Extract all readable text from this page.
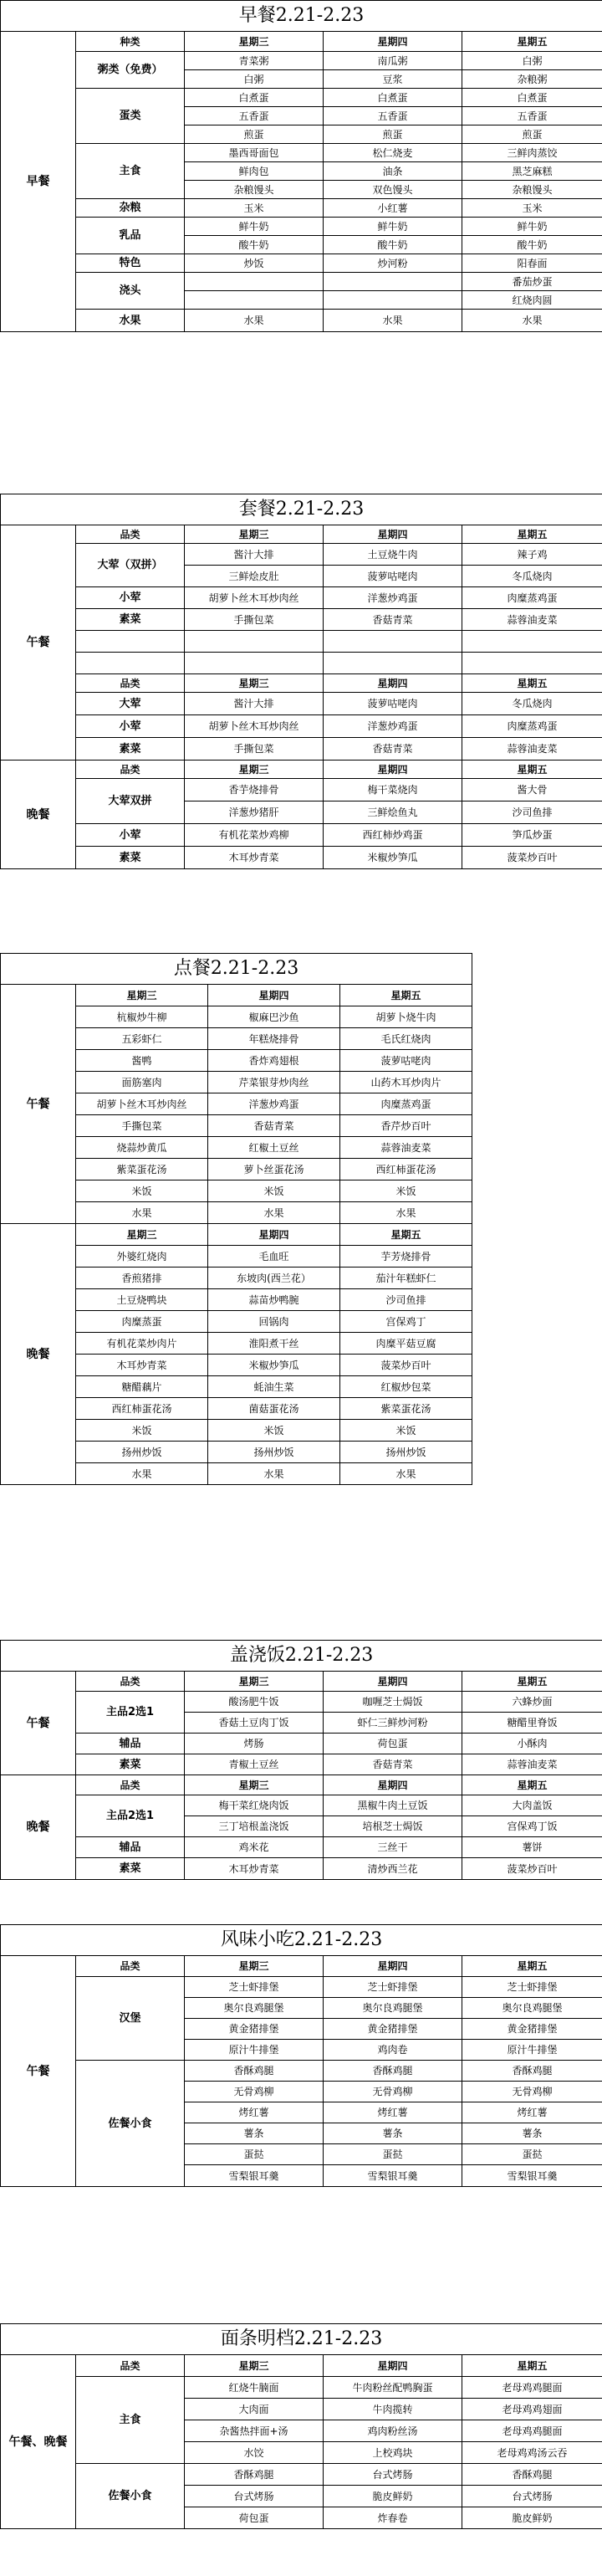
早餐2.21-2.23				
早餐	种类	星期三	星期四	星期五
	粥类（免费）	青菜粥	南瓜粥	白粥
		白粥	豆浆	杂粮粥
	蛋类	白煮蛋	白煮蛋	白煮蛋
		五香蛋	五香蛋	五香蛋
		煎蛋	煎蛋	煎蛋
	主食	墨西哥面包	松仁烧麦	三鲜肉蒸饺
		鲜肉包	油条	黑芝麻糕
		杂粮馒头	双色馒头	杂粮馒头
	杂粮	玉米	小红薯	玉米
	乳品	鲜牛奶	鲜牛奶	鲜牛奶
		酸牛奶	酸牛奶	酸牛奶
	特色	炒饭	炒河粉	阳春面
	浇头			番茄炒蛋
				红烧肉圆
	水果	水果	水果	水果
套餐2.21-2.23				
午餐	品类	星期三	星期四	星期五
	大荤（双拼）	酱汁大排	土豆烧牛肉	辣子鸡
		三鲜烩皮肚	菠萝咕咾肉	冬瓜烧肉
	小荤	胡萝卜丝木耳炒肉丝	洋葱炒鸡蛋	肉糜蒸鸡蛋
	素菜	手撕包菜	香菇青菜	蒜蓉油麦菜

	品类	星期三	星期四	星期五
	大荤	酱汁大排	菠萝咕咾肉	冬瓜烧肉
	小荤	胡萝卜丝木耳炒肉丝	洋葱炒鸡蛋	肉糜蒸鸡蛋
	素菜	手撕包菜	香菇青菜	蒜蓉油麦菜
晚餐	品类	星期三	星期四	星期五
	大荤双拼	香芋烧排骨	梅干菜烧肉	酱大骨
		洋葱炒猪肝	三鲜烩鱼丸	沙司鱼排
	小荤	有机花菜炒鸡柳	西红柿炒鸡蛋	笋瓜炒蛋
	素菜	木耳炒青菜	米椒炒笋瓜	菠菜炒百叶
点餐2.21-2.23			
午餐	星期三	星期四	星期五
	杭椒炒牛柳	椒麻巴沙鱼	胡萝卜烧牛肉
	五彩虾仁	年糕烧排骨	毛氏红烧肉
	酱鸭	香炸鸡翅根	菠萝咕咾肉
	面筋塞肉	芹菜银芽炒肉丝	山药木耳炒肉片
	胡萝卜丝木耳炒肉丝	洋葱炒鸡蛋	肉糜蒸鸡蛋
	手撕包菜	香菇青菜	香芹炒百叶
	烧蒜炒黄瓜	红椒土豆丝	蒜蓉油麦菜
	紫菜蛋花汤	萝卜丝蛋花汤	西红柿蛋花汤
	米饭	米饭	米饭
	水果	水果	水果
晚餐	星期三	星期四	星期五
	外婆红烧肉	毛血旺	芋芳烧排骨
	香煎猪排	东坡肉(西兰花）	茄汁年糕虾仁
	土豆烧鸭块	蒜苗炒鸭腕	沙司鱼排
	肉糜蒸蛋	回锅肉	宫保鸡丁
	有机花菜炒肉片	淮阳煮干丝	肉糜平菇豆腐
	木耳炒青菜	米椒炒笋瓜	菠菜炒百叶
	糖醋藕片	蚝油生菜	红椒炒包菜
	西红柿蛋花汤	菌菇蛋花汤	紫菜蛋花汤
	米饭	米饭	米饭
	扬州炒饭	扬州炒饭	扬州炒饭
	水果	水果	水果
盖浇饭2.21-2.23				
午餐	品类	星期三	星期四	星期五
	主品2选1	酸汤肥牛饭	咖喱芝士焗饭	六蜂炒面
		香菇土豆肉丁饭	虾仁三鲜炒河粉	糖醋里脊饭
	辅品	烤肠	荷包蛋	小酥肉
	素菜	青椒土豆丝	香菇青菜	蒜蓉油麦菜
晚餐	品类	星期三	星期四	星期五
	主品2选1	梅干菜红烧肉饭	黑椒牛肉土豆饭	大肉盖饭
		三丁培根盖浇饭	培根芝士焗饭	宫保鸡丁饭
	辅品	鸡米花	三丝干	薯饼
	素菜	木耳炒青菜	清炒西兰花	菠菜炒百叶
风味小吃2.21-2.23				
午餐	品类	星期三	星期四	星期五
	汉堡	芝士虾排堡	芝士虾排堡	芝士虾排堡
		奥尔良鸡腿堡	奥尔良鸡腿堡	奥尔良鸡腿堡
		黄金猪排堡	黄金猪排堡	黄金猪排堡
		原汁牛排堡	鸡肉卷	原汁牛排堡
	佐餐小食	香酥鸡腿	香酥鸡腿	香酥鸡腿
		无骨鸡柳	无骨鸡柳	无骨鸡柳
		烤红薯	烤红薯	烤红薯
		薯条	薯条	薯条
		蛋挞	蛋挞	蛋挞
		雪梨银耳羹	雪梨银耳羹	雪梨银耳羹
面条明档2.21-2.23				
午餐、晚餐	品类	星期三	星期四	星期五
	主食	红烧牛腩面	牛肉粉丝配鸭胸蛋	老母鸡鸡腿面
		大肉面	牛肉揽转	老母鸡鸡翅面
		杂酱热拌面+汤	鸡肉粉丝汤	老母鸡鸡腿面
		水饺	上校鸡块	老母鸡鸡汤云吞
	佐餐小食	香酥鸡腿	台式烤肠	香酥鸡腿
		台式烤肠	脆皮鲜奶	台式烤肠
		荷包蛋	炸春卷	脆皮鲜奶
